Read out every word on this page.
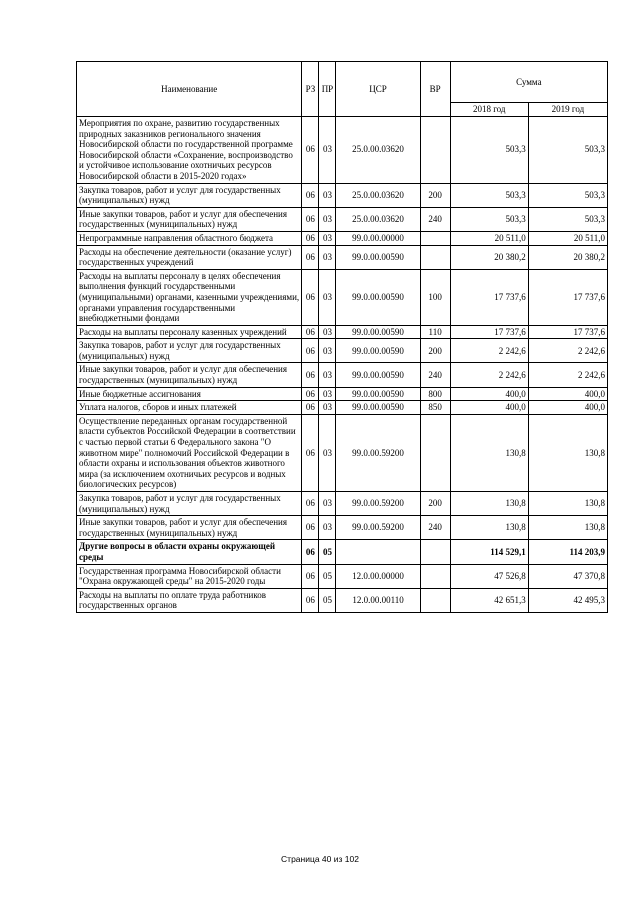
Наименование	РЗ	ПР	ЦСР	ВР	Сумма	
					2018 год	2019 год
Мероприятия по охране, развитию государственных природных заказников регионального значения Новосибирской области по государственной программе Новосибирской области «Сохранение, воспроизводство и устойчивое использование охотничьих ресурсов Новосибирской области в 2015-2020 годах»	06	03	25.0.00.03620		503,3	503,3
Закупка товаров, работ и услуг для государственных (муниципальных) нужд	06	03	25.0.00.03620	200	503,3	503,3
Иные закупки товаров, работ и услуг для обеспечения государственных (муниципальных) нужд	06	03	25.0.00.03620	240	503,3	503,3
Непрограммные направления областного бюджета	06	03	99.0.00.00000		20 511,0	20 511,0
Расходы на обеспечение деятельности (оказание услуг) государственных учреждений	06	03	99.0.00.00590		20 380,2	20 380,2
Расходы на выплаты персоналу в целях обеспечения выполнения функций государственными (муниципальными) органами, казенными учреждениями, органами управления государственными внебюджетными фондами	06	03	99.0.00.00590	100	17 737,6	17 737,6
Расходы на выплаты персоналу казенных учреждений	06	03	99.0.00.00590	110	17 737,6	17 737,6
Закупка товаров, работ и услуг для государственных (муниципальных) нужд	06	03	99.0.00.00590	200	2 242,6	2 242,6
Иные закупки товаров, работ и услуг для обеспечения государственных (муниципальных) нужд	06	03	99.0.00.00590	240	2 242,6	2 242,6
Иные бюджетные ассигнования	06	03	99.0.00.00590	800	400,0	400,0
Уплата налогов, сборов и иных платежей	06	03	99.0.00.00590	850	400,0	400,0
Осуществление переданных органам государственной власти субъектов Российской Федерации в соответствии с частью первой статьи 6 Федерального закона "О животном мире" полномочий Российской Федерации в области охраны и использования объектов животного мира (за исключением охотничьих ресурсов и водных биологических ресурсов)	06	03	99.0.00.59200		130,8	130,8
Закупка товаров, работ и услуг для государственных (муниципальных) нужд	06	03	99.0.00.59200	200	130,8	130,8
Иные закупки товаров, работ и услуг для обеспечения государственных (муниципальных) нужд	06	03	99.0.00.59200	240	130,8	130,8
Другие вопросы в области охраны окружающей среды	06	05			114 529,1	114 203,9
Государственная программа Новосибирской области "Охрана окружающей среды" на 2015-2020 годы	06	05	12.0.00.00000		47 526,8	47 370,8
Расходы на выплаты по оплате труда работников государственных органов	06	05	12.0.00.00110		42 651,3	42 495,3
Страница 40 из 102
